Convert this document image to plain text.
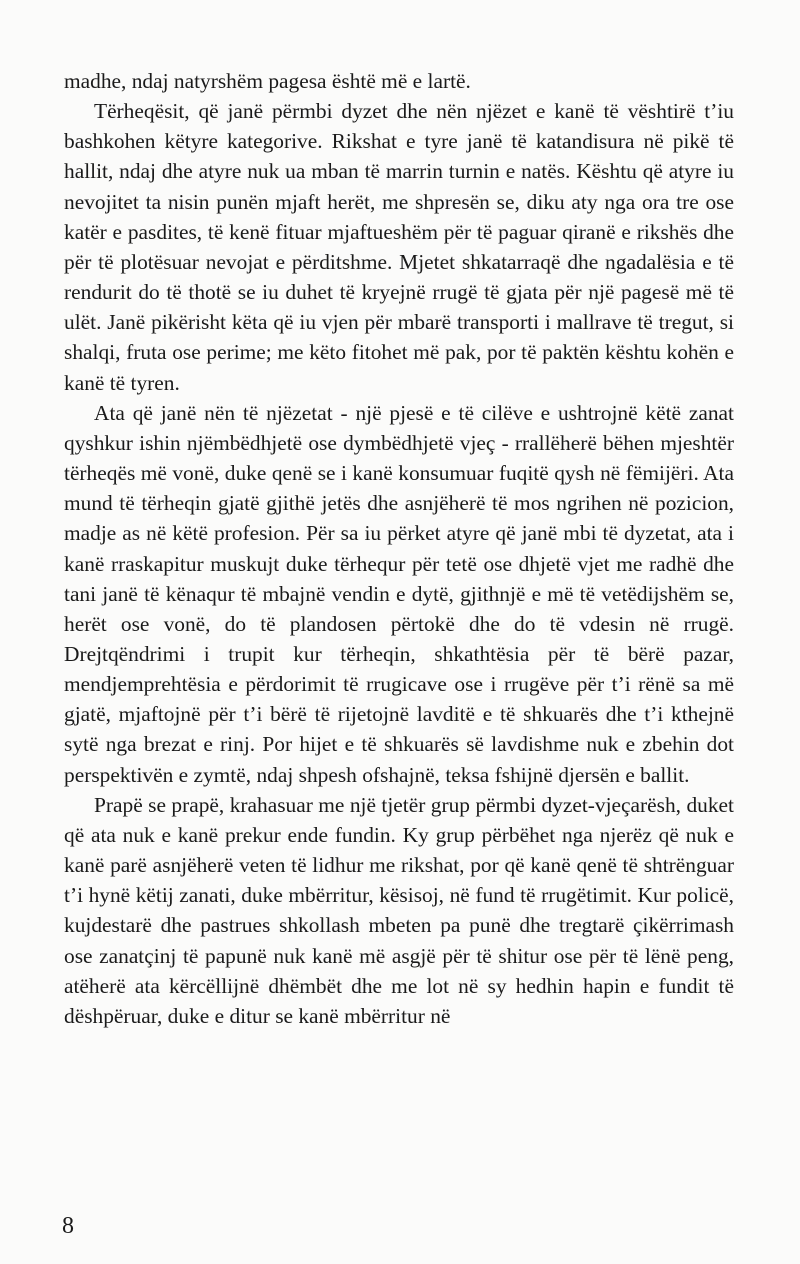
madhe, ndaj natyrshëm pagesa është më e lartë.

Tërheqësit, që janë përmbi dyzet dhe nën njëzet e kanë të vështirë t’iu bashkohen këtyre kategorive. Rikshat e tyre janë të katandisura në pikë të hallit, ndaj dhe atyre nuk ua mban të marrin turnin e natës. Kështu që atyre iu nevojitet ta nisin punën mjaft herët, me shpresën se, diku aty nga ora tre ose katër e pasdites, të kenë fituar mjaftueshëm për të paguar qiranë e rikshës dhe për të plotësuar nevojat e përditshme. Mjetet shkatarraqë dhe ngadalësia e të rendurit do të thotë se iu duhet të kryejnë rrugë të gjata për një pagesë më të ulët. Janë pikërisht këta që iu vjen për mbarë transporti i mallrave të tregut, si shalqi, fruta ose perime; me këto fitohet më pak, por të paktën kështu kohën e kanë të tyren.

Ata që janë nën të njëzetat - një pjesë e të cilëve e ushtrojnë këtë zanat qyshkur ishin njëmbëdhjetë ose dymbëdhjetë vjeç - rrallëherë bëhen mjeshtër tërheqës më vonë, duke qenë se i kanë konsumuar fuqitë qysh në fëmijëri. Ata mund të tërheqin gjatë gjithë jetës dhe asnjëherë të mos ngrihen në pozicion, madje as në këtë profesion. Për sa iu përket atyre që janë mbi të dyzetat, ata i kanë rraskapitur muskujt duke tërhequr për tetë ose dhjetë vjet me radhë dhe tani janë të kënaqur të mbajnë vendin e dytë, gjithnjë e më të vetëdijshëm se, herët ose vonë, do të plandosen përtokë dhe do të vdesin në rrugë. Drejtqëndrimi i trupit kur tërheqin, shkathtësia për të bërë pazar, mendjemprehtësia e përdorimit të rrugicave ose i rrugëve për t’i rënë sa më gjatë, mjaftojnë për t’i bërë të rijetojnë lavditë e të shkuarës dhe t’i kthejnë sytë nga brezat e rinj. Por hijet e të shkuarës së lavdishme nuk e zbehin dot perspektivën e zymtë, ndaj shpesh ofshajnë, teksa fshijnë djersën e ballit.

Prapë se prapë, krahasuar me një tjetër grup përmbi dyzet-vjeçarësh, duket që ata nuk e kanë prekur ende fundin. Ky grup përbëhet nga njerëz që nuk e kanë parë asnjëherë veten të lidhur me rikshat, por që kanë qenë të shtrënguar t’i hynë këtij zanati, duke mbërritur, kësisoj, në fund të rrugëtimit. Kur policë, kujdestarë dhe pastrues shkollash mbeten pa punë dhe tregtarë çikërrimash ose zanatçinj të papunë nuk kanë më asgjë për të shitur ose për të lënë peng, atëherë ata kërcëllijnë dhëmbët dhe me lot në sy hedhin hapin e fundit të dëshpëruar, duke e ditur se kanë mbërritur në

8
